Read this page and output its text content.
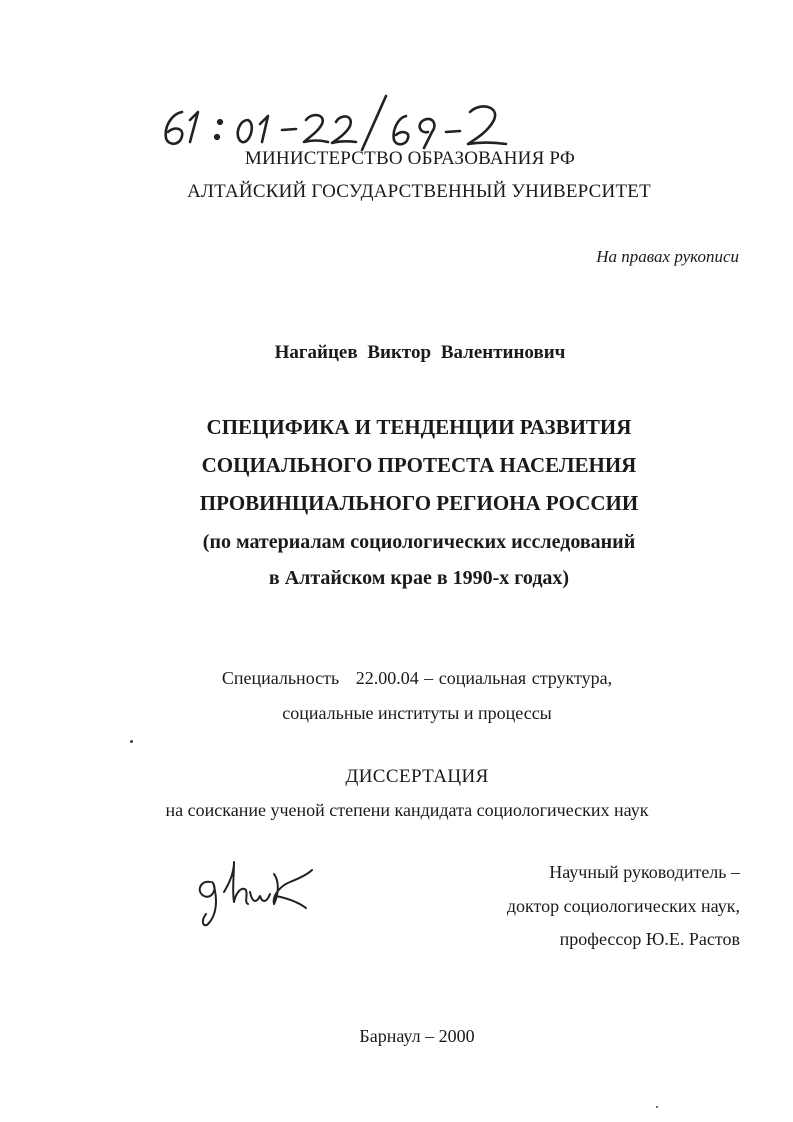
МИНИСТЕРСТВО ОБРАЗОВАНИЯ РФ
АЛТАЙСКИЙ ГОСУДАРСТВЕННЫЙ УНИВЕРСИТЕТ
На правах рукописи
Нагайцев Виктор Валентинович
СПЕЦИФИКА И ТЕНДЕНЦИИ РАЗВИТИЯ
СОЦИАЛЬНОГО ПРОТЕСТА НАСЕЛЕНИЯ
ПРОВИНЦИАЛЬНОГО РЕГИОНА РОССИИ
(по материалам социологических исследований
в Алтайском крае в 1990-х годах)
Специальность   22.00.04 – социальная структура,
социальные институты и процессы
ДИССЕРТАЦИЯ
на соискание ученой степени кандидата социологических наук
Научный руководитель –
доктор социологических наук,
профессор Ю.Е. Растов
Барнаул – 2000
